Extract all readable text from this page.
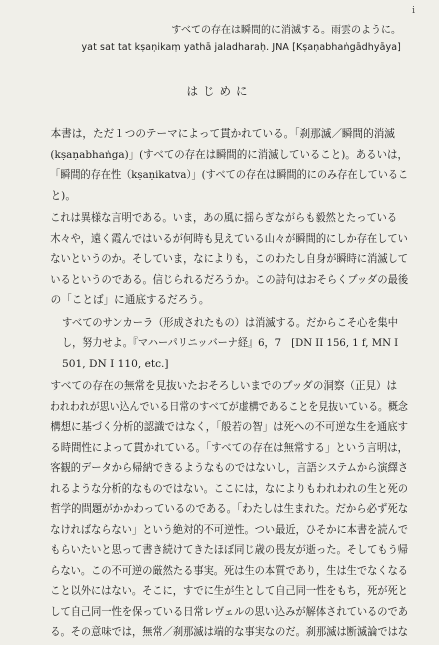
i
すべての存在は瞬間的に消滅する。雨雲のように。
yat sat tat kṣaṇikaṃ yathā jaladharaḥ. JNA [Kṣaṇabhaṅgādhyāya]
はじめに
本書は，ただ１つのテーマによって貫かれている。「刹那滅／瞬間的消滅
(kṣaṇabhaṅga)」(すべての存在は瞬間的に消滅していること)。あるいは，
「瞬間的存在性（kṣaṇikatva）」(すべての存在は瞬間的にのみ存在しているこ
と)。
これは異様な言明である。いま，あの風に揺らぎながらも毅然とたっている
木々や，遠く霞んではいるが何時も見えている山々が瞬間的にしか存在してい
ないというのか。そしていま，なによりも，このわたし自身が瞬時に消滅して
いるというのである。信じられるだろうか。この詩句はおそらくブッダの最後
の「ことば」に通底するだろう。
すべてのサンカーラ（形成されたもの）は消滅する。だからこそ心を集中
し，努力せよ。『マハーパリニッバーナ経』6，7　[DN II 156, 1 f, MN I
501, DN I 110, etc.]
すべての存在の無常を見抜いたおそろしいまでのブッダの洞察（正見）は
われわれが思い込んでいる日常のすべてが虚構であることを見抜いている。概念
構想に基づく分析的認識ではなく，「般若の智」は死への不可逆な生を通底す
る時間性によって貫かれている。「すべての存在は無常する」という言明は，
客観的データから帰納できるようなものではないし，言語システムから演繹さ
れるような分析的なものではない。ここには，なによりもわれわれの生と死の
哲学的問題がかかわっているのである。「わたしは生まれた。だから必ず死な
なければならない」という絶対的不可逆性。つい最近，ひそかに本書を読んで
もらいたいと思って書き続けてきたほぼ同じ歳の畏友が逝った。そしてもう帰
らない。この不可逆の厳然たる事実。死は生の本質であり，生は生でなくなる
こと以外にはない。そこに，すでに生が生として自己同一性をもち，死が死と
して自己同一性を保っている日常レヴェルの思い込みが解体されているのであ
る。その意味では，無常／刹那滅は端的な事実なのだ。刹那滅は断滅論ではな
